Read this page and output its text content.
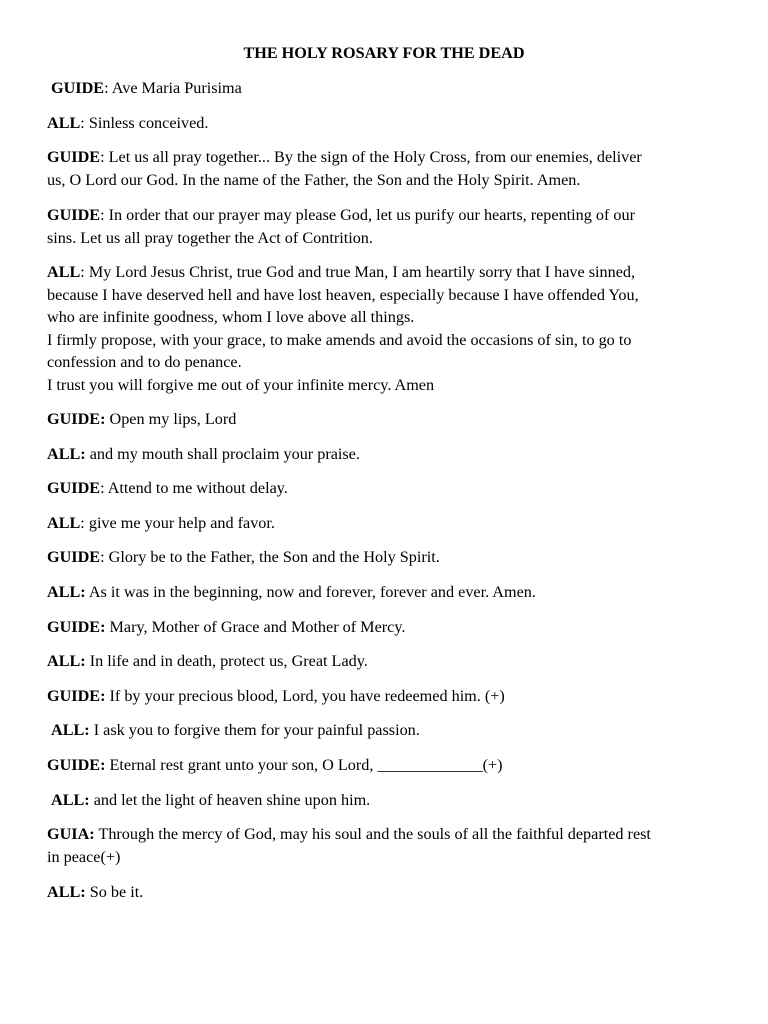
THE HOLY ROSARY FOR THE DEAD

GUIDE: Ave Maria Purisima

ALL: Sinless conceived.

GUIDE: Let us all pray together... By the sign of the Holy Cross, from our enemies, deliver
us, O Lord our God. In the name of the Father, the Son and the Holy Spirit. Amen.

GUIDE: In order that our prayer may please God, let us purify our hearts, repenting of our
sins. Let us all pray together the Act of Contrition.

ALL: My Lord Jesus Christ, true God and true Man, I am heartily sorry that I have sinned,
because I have deserved hell and have lost heaven, especially because I have offended You,
who are infinite goodness, whom I love above all things.
I firmly propose, with your grace, to make amends and avoid the occasions of sin, to go to
confession and to do penance.
I trust you will forgive me out of your infinite mercy. Amen

GUIDE: Open my lips, Lord

ALL: and my mouth shall proclaim your praise.

GUIDE: Attend to me without delay.

ALL: give me your help and favor.

GUIDE: Glory be to the Father, the Son and the Holy Spirit.

ALL: As it was in the beginning, now and forever, forever and ever. Amen.

GUIDE: Mary, Mother of Grace and Mother of Mercy.

ALL: In life and in death, protect us, Great Lady.

GUIDE: If by your precious blood, Lord, you have redeemed him. (+)

ALL: I ask you to forgive them for your painful passion.

GUIDE: Eternal rest grant unto your son, O Lord, _____________(+)

ALL: and let the light of heaven shine upon him.

GUIA: Through the mercy of God, may his soul and the souls of all the faithful departed rest
in peace(+)

ALL: So be it.
